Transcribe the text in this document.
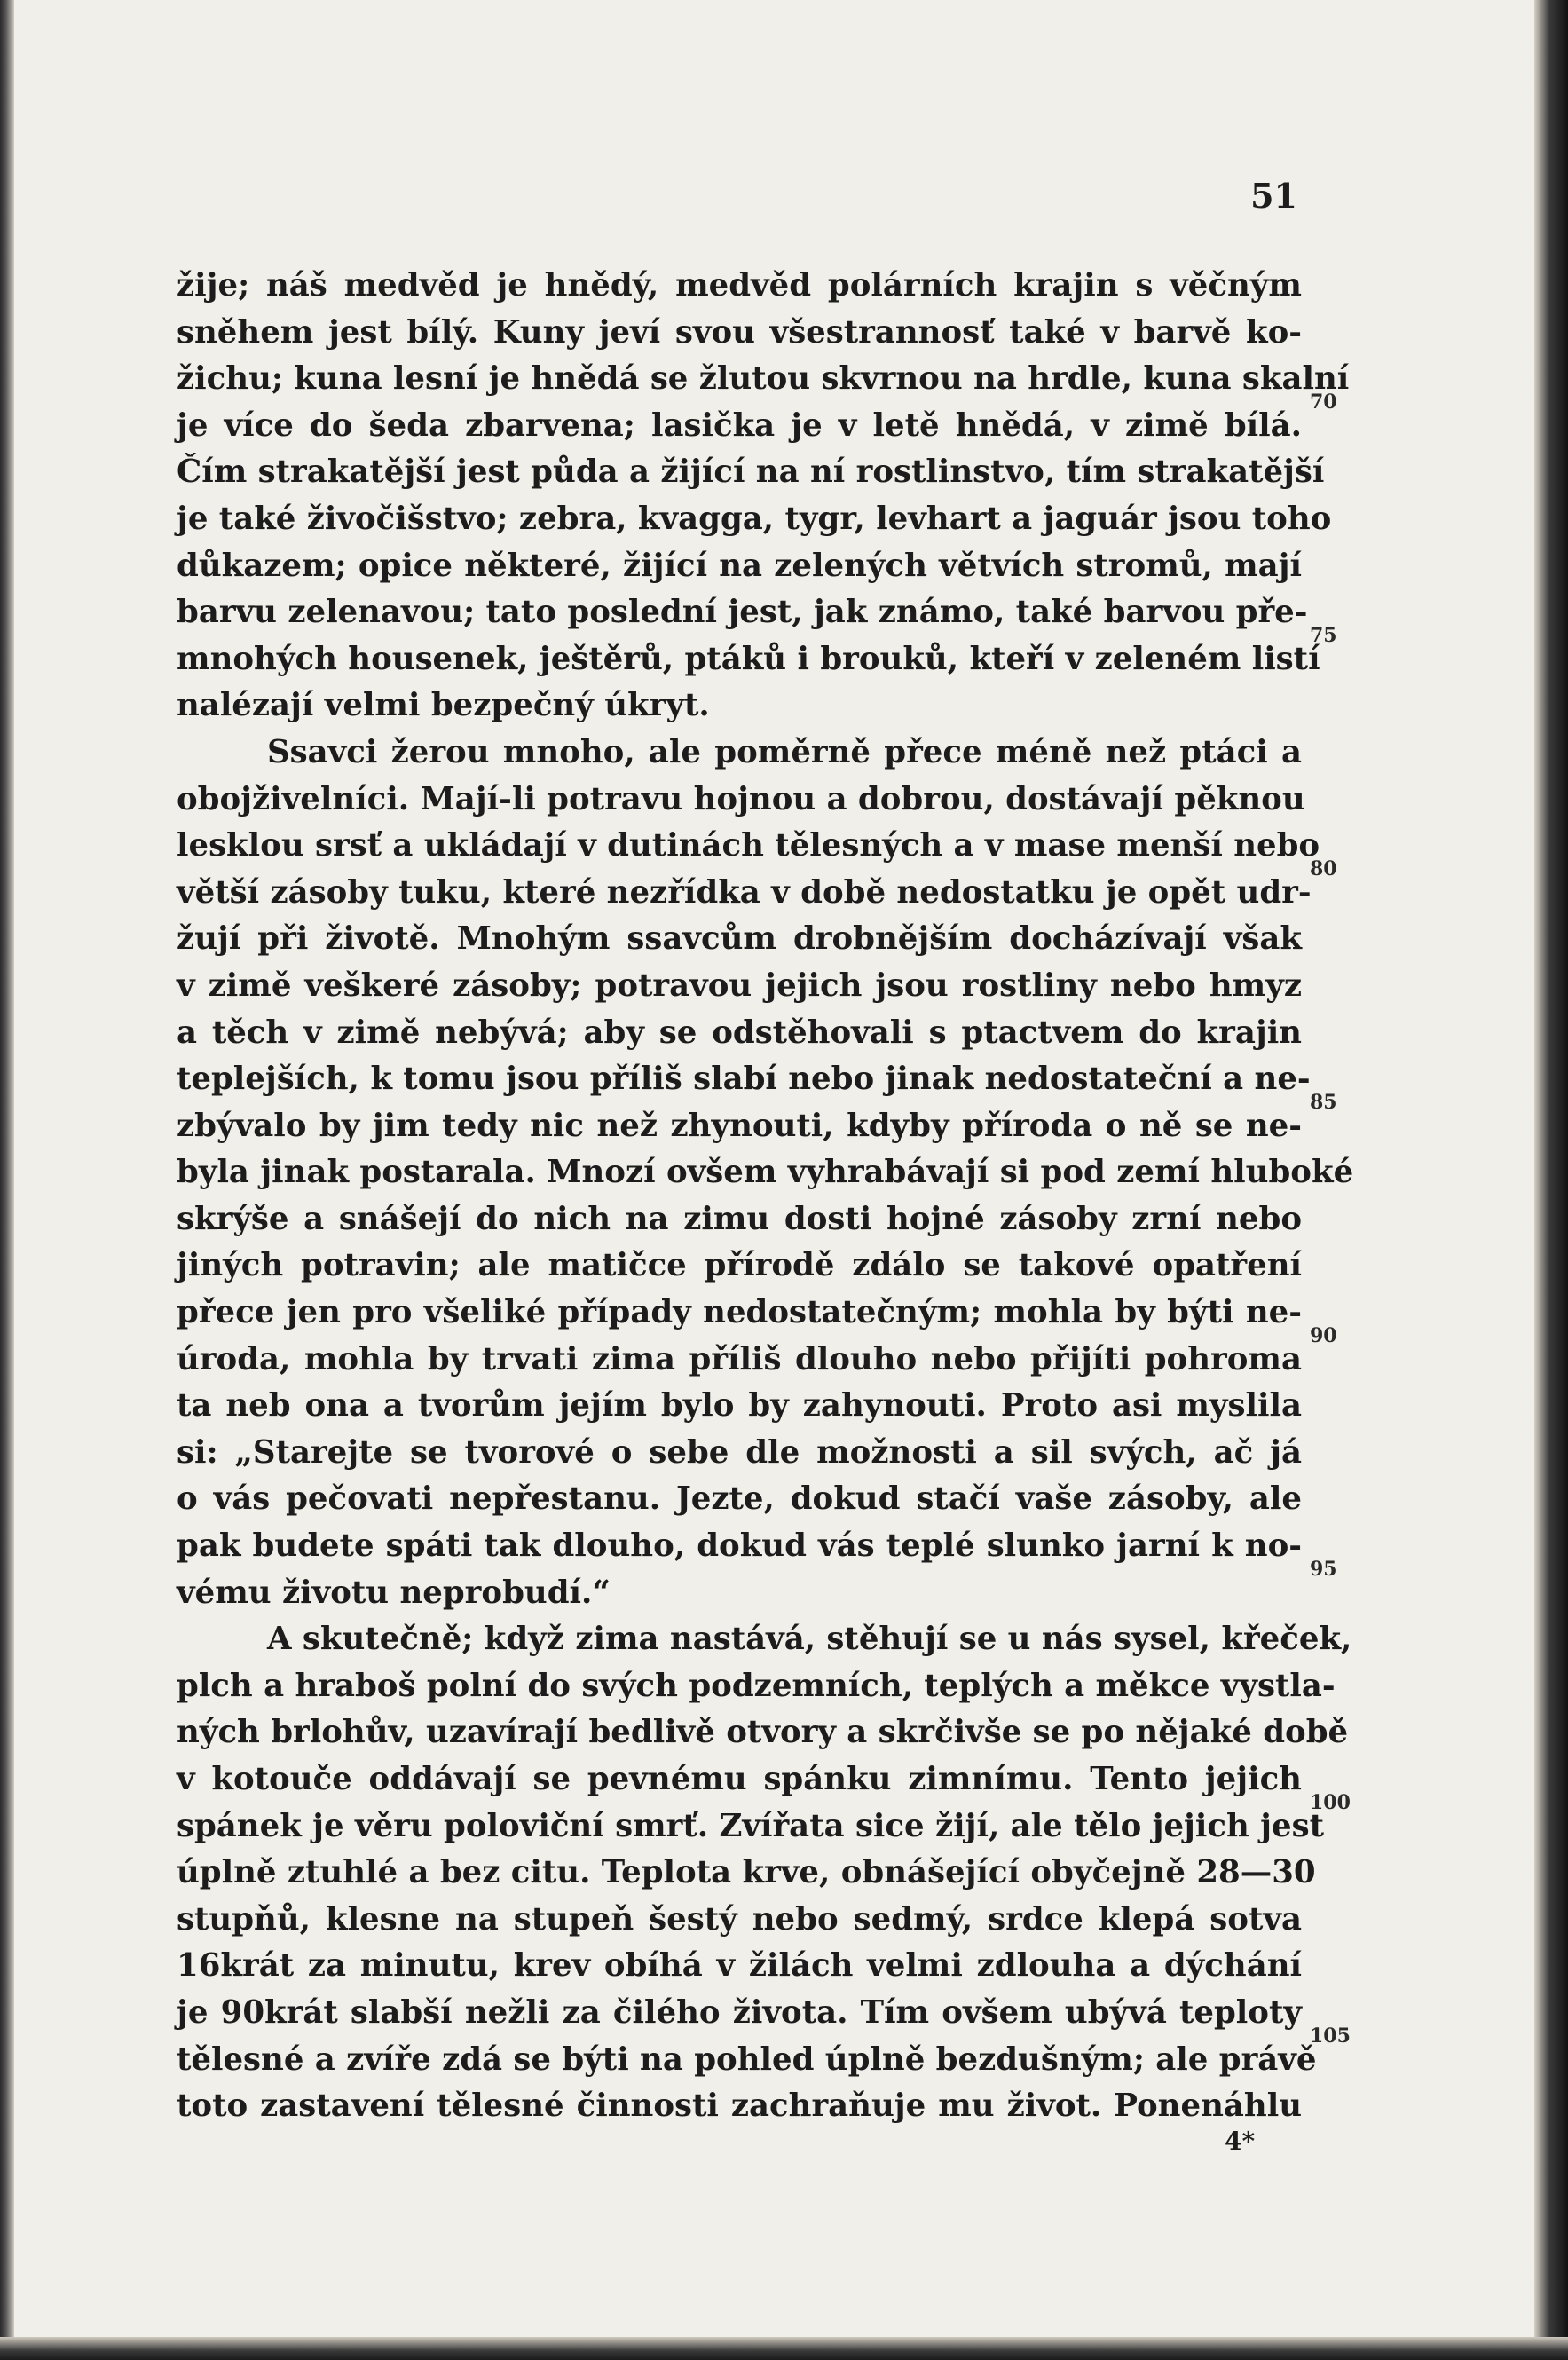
51

žije; náš medvěd je hnědý, medvěd polárních krajin s věčným
sněhem jest bílý. Kuny jeví svou všestrannosť také v barvě ko-
žichu; kuna lesní je hnědá se žlutou skvrnou na hrdle, kuna skalní
je více do šeda zbarvena; lasička je v letě hnědá, v zimě bílá.
Čím strakatější jest půda a žijící na ní rostlinstvo, tím strakatější
je také živočišstvo; zebra, kvagga, tygr, levhart a jaguár jsou toho
důkazem; opice některé, žijící na zelených větvích stromů, mají
barvu zelenavou; tato poslední jest, jak známo, také barvou pře-
mnohých housenek, ještěrů, ptáků i brouků, kteří v zeleném listí
nalézají velmi bezpečný úkryt.
Ssavci žerou mnoho, ale poměrně přece méně než ptáci a
obojživelníci. Mají-li potravu hojnou a dobrou, dostávají pěknou
lesklou srsť a ukládají v dutinách tělesných a v mase menší nebo
větší zásoby tuku, které nezřídka v době nedostatku je opět udr-
žují při životě. Mnohým ssavcům drobnějším docházívají však
v zimě veškeré zásoby; potravou jejich jsou rostliny nebo hmyz
a těch v zimě nebývá; aby se odstěhovali s ptactvem do krajin
teplejších, k tomu jsou příliš slabí nebo jinak nedostateční a ne-
zbývalo by jim tedy nic než zhynouti, kdyby příroda o ně se ne-
byla jinak postarala. Mnozí ovšem vyhrabávají si pod zemí hluboké
skrýše a snášejí do nich na zimu dosti hojné zásoby zrní nebo
jiných potravin; ale matičce přírodě zdálo se takové opatření
přece jen pro všeliké případy nedostatečným; mohla by býti ne-
úroda, mohla by trvati zima příliš dlouho nebo přijíti pohroma
ta neb ona a tvorům jejím bylo by zahynouti. Proto asi myslila
si: „Starejte se tvorové o sebe dle možnosti a sil svých, ač já
o vás pečovati nepřestanu. Jezte, dokud stačí vaše zásoby, ale
pak budete spáti tak dlouho, dokud vás teplé slunko jarní k no-
vému životu neprobudí.“
A skutečně; když zima nastává, stěhují se u nás sysel, křeček,
plch a hraboš polní do svých podzemních, teplých a měkce vystla-
ných brlohův, uzavírají bedlivě otvory a skrčivše se po nějaké době
v kotouče oddávají se pevnému spánku zimnímu. Tento jejich
spánek je věru poloviční smrť. Zvířata sice žijí, ale tělo jejich jest
úplně ztuhlé a bez citu. Teplota krve, obnášející obyčejně 28—30
stupňů, klesne na stupeň šestý nebo sedmý, srdce klepá sotva
16krát za minutu, krev obíhá v žilách velmi zdlouha a dýchání
je 90krát slabší nežli za čilého života. Tím ovšem ubývá teploty
tělesné a zvíře zdá se býti na pohled úplně bezdušným; ale právě
toto zastavení tělesné činnosti zachraňuje mu život. Ponenáhlu
70
75
80
85
90
95
100
105
4*
